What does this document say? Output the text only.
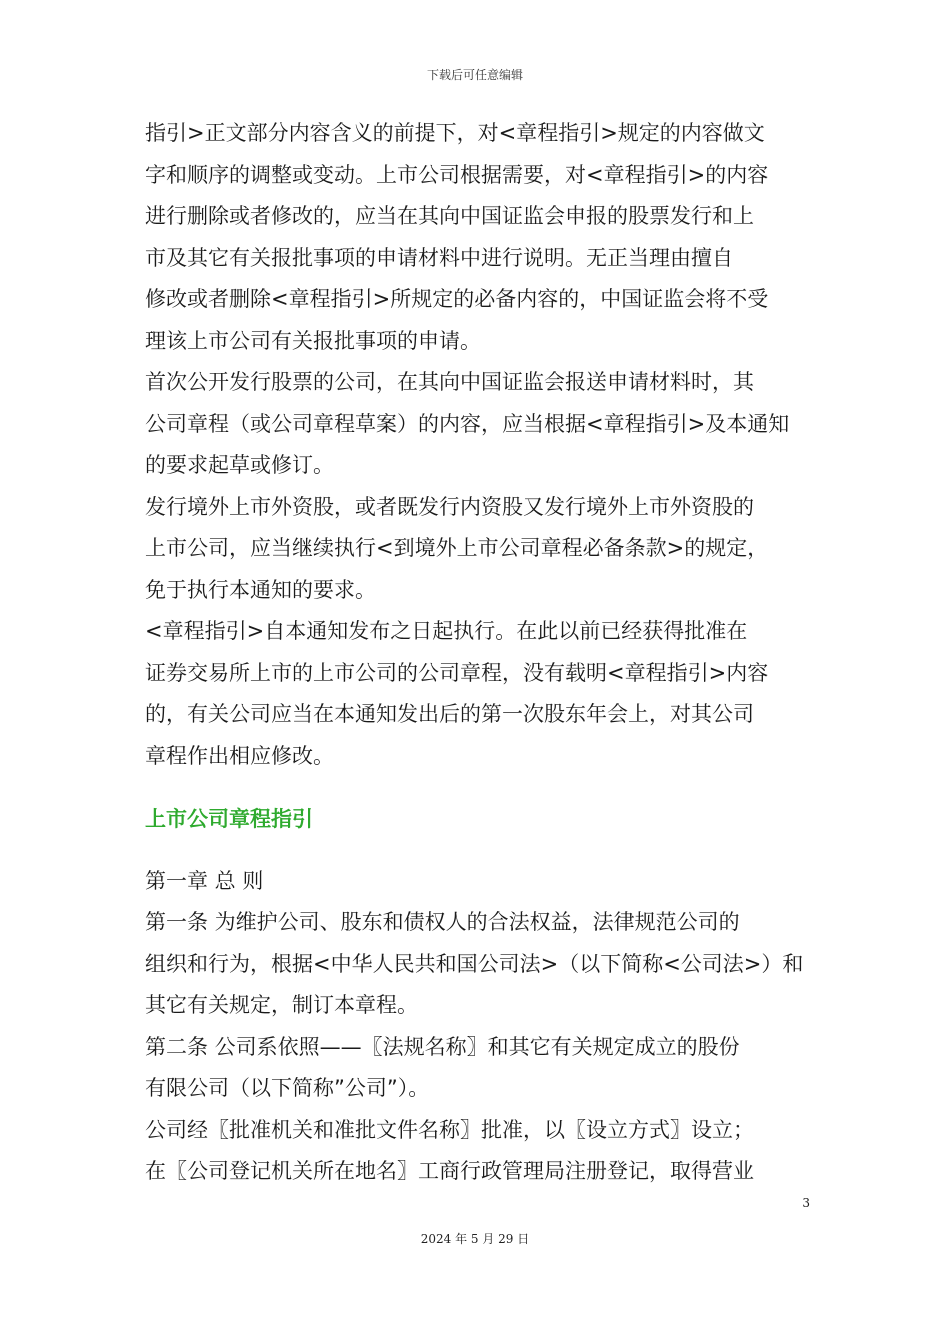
下载后可任意编辑

指引>正文部分内容含义的前提下，对<章程指引>规定的内容做文
字和顺序的调整或变动。上市公司根据需要，对<章程指引>的内容
进行删除或者修改的，应当在其向中国证监会申报的股票发行和上
市及其它有关报批事项的申请材料中进行说明。无正当理由擅自
修改或者删除<章程指引>所规定的必备内容的，中国证监会将不受
理该上市公司有关报批事项的申请。

首次公开发行股票的公司，在其向中国证监会报送申请材料时，其
公司章程（或公司章程草案）的内容，应当根据<章程指引>及本通知
的要求起草或修订。

发行境外上市外资股，或者既发行内资股又发行境外上市外资股的
上市公司，应当继续执行<到境外上市公司章程必备条款>的规定，
免于执行本通知的要求。

<章程指引>自本通知发布之日起执行。在此以前已经获得批准在
证券交易所上市的上市公司的公司章程，没有载明<章程指引>内容
的，有关公司应当在本通知发出后的第一次股东年会上，对其公司
章程作出相应修改。

上市公司章程指引

第一章 总 则

第一条 为维护公司、股东和债权人的合法权益，法律规范公司的
组织和行为，根据<中华人民共和国公司法>（以下简称<公司法>）和
其它有关规定，制订本章程。

第二条 公司系依照——〖法规名称〗和其它有关规定成立的股份
有限公司（以下简称”公司”）。

公司经〖批准机关和准批文件名称〗批准，以〖设立方式〗设立；
在〖公司登记机关所在地名〗工商行政管理局注册登记，取得营业

3
2024 年 5 月 29 日
